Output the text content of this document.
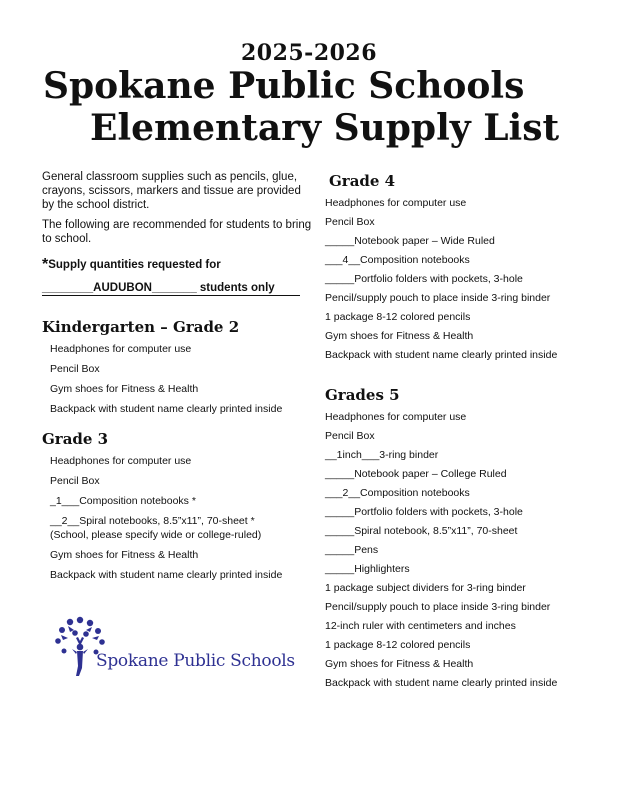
2025-2026
Spokane Public Schools
Elementary Supply List

General classroom supplies such as pencils, glue, crayons, scissors, markers and tissue are provided by the school district.

The following are recommended for students to bring to school.

*Supply quantities requested for
________AUDUBON_______ students only
Kindergarten – Grade 2
Headphones for computer use
Pencil Box
Gym shoes for Fitness & Health
Backpack with student name clearly printed inside
Grade 3
Headphones for computer use
Pencil Box
_1___Composition notebooks *
__2__Spiral notebooks, 8.5”x11”, 70-sheet *
(School, please specify wide or college-ruled)
Gym shoes for Fitness & Health
Backpack with student name clearly printed inside
Grade 4
Headphones for computer use
Pencil Box
_____Notebook paper – Wide Ruled
___4__Composition notebooks
_____Portfolio folders with pockets, 3-hole
Pencil/supply pouch to place inside 3-ring binder
1 package 8-12 colored pencils
Gym shoes for Fitness & Health
Backpack with student name clearly printed inside
Grades 5
Headphones for computer use
Pencil Box
__1inch___3-ring binder
_____Notebook paper – College Ruled
___2__Composition notebooks
_____Portfolio folders with pockets, 3-hole
_____Spiral notebook, 8.5”x11”, 70-sheet
_____Pens
_____Highlighters
1 package subject dividers for 3-ring binder
Pencil/supply pouch to place inside 3-ring binder
12-inch ruler with centimeters and inches
1 package 8-12 colored pencils
Gym shoes for Fitness & Health
Backpack with student name clearly printed inside
Spokane Public Schools
